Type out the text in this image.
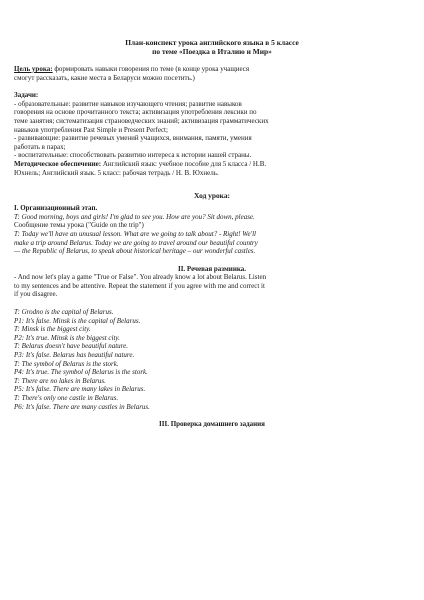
План-конспект урока английского языка в 5 классе
по теме «Поездка в Италию и Мир»
Цель урока: формировать навыки говорения по теме (в конце урока учащиеся
смогут рассказать, какие места в Беларуси можно посетить.)
Задачи:
- образовательные: развитие навыков изучающего чтения; развитие навыков
говорения на основе прочитанного текста; активизация употребления лексики по
теме занятия; систематизация страноведческих знаний; активизация грамматических
навыков употребления Past Simple и Present Perfect;
- развивающие: развитие речевых умений учащихся, внимания, памяти, умения
работать в парах;
- воспитательные: способствовать развитию интереса к истории нашей страны.
Методическое обеспечение: Английский язык: учебное пособие для 5 класса / Н.В.
Юхнель; Английский язык. 5 класс: рабочая тетрадь / Н. В. Юхнель.
Ход урока:
I. Организационный этап.
T: Good morning, boys and girls! I'm glad to see you. How are you? Sit down, please.
Сообщение темы урока ("Guide on the trip")
T: Today we'll have an unusual lesson. What are we going to talk about? - Right! We'll
make a trip around Belarus. Today we are going to travel around our beautiful country
— the Republic of Belarus, to speak about historical heritage – our wonderful castles.
II. Речевая разминка.
- And now let's play a game "True or False". You already know a lot about Belarus. Listen
to my sentences and be attentive. Repeat the statement if you agree with me and correct it
if you disagree.
T: Grodno is the capital of Belarus.
P1: It's false. Minsk is the capital of Belarus.
T: Minsk is the biggest city.
P2: It's true. Minsk is the biggest city.
T: Belarus doesn't have beautiful nature.
P3: It's false. Belarus has beautiful nature.
T: The symbol of Belarus is the stork.
P4: It's true. The symbol of Belarus is the stork.
T: There are no lakes in Belarus.
P5: It's false. There are many lakes in Belarus.
T: There's only one castle in Belarus.
P6: It's false. There are many castles in Belarus.
III. Проверка домашнего задания
